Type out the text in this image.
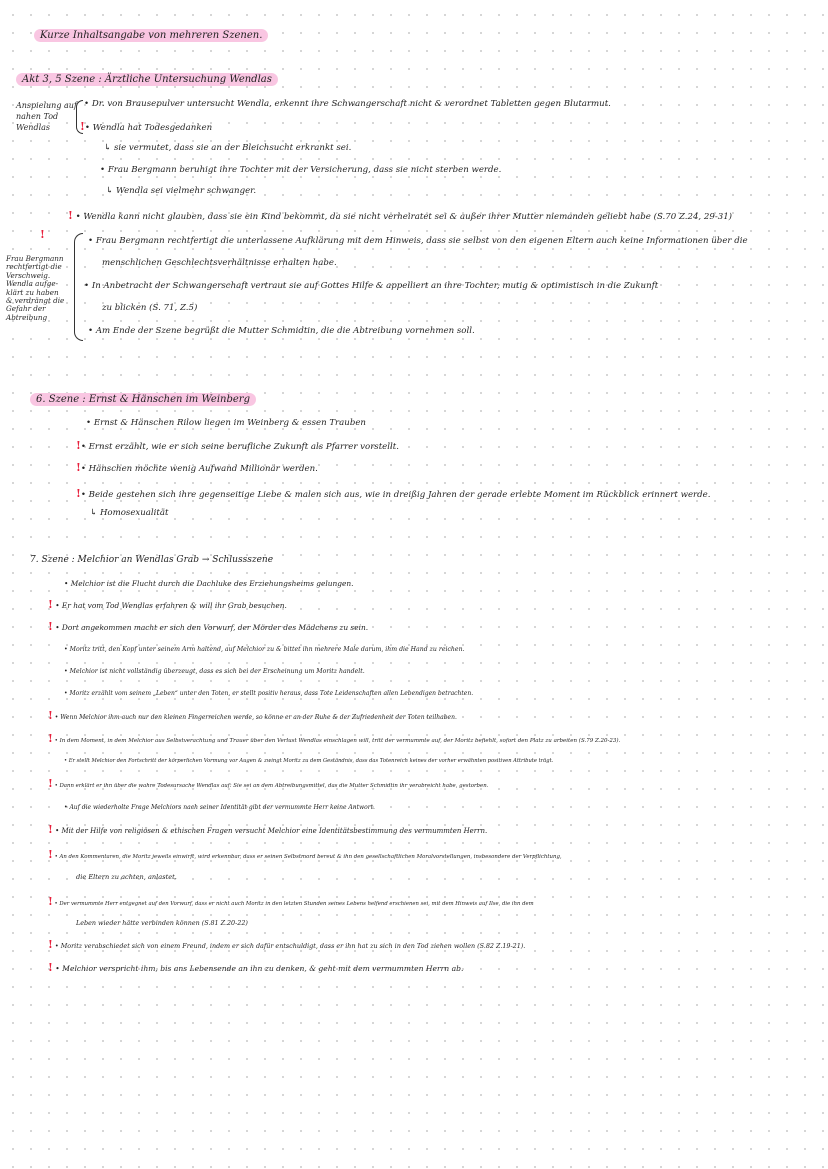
Kurze Inhaltsangabe von mehreren Szenen.
Akt 3, 5 Szene : Ärztliche Untersuchung Wendlas
Anspielung auf
nahen Tod
Wendlas
!
Frau Bergmann
rechtfertigt die
Verschweig.
Wendla aufge-
klärt zu haben
& verdrängt die
Gefahr der
Abtreibung
• Dr. von Brausepulver untersucht Wendla, erkennt ihre Schwangerschaft nicht & verordnet Tabletten gegen Blutarmut.
!• Wendla hat Todesgedanken
↳ sie vermutet, dass sie an der Bleichsucht erkrankt sei.
• Frau Bergmann beruhigt ihre Tochter mit der Versicherung, dass sie nicht sterben werde.
↳ Wendla sei vielmehr schwanger.
! • Wendla kann nicht glauben, dass sie ein Kind bekommt, da sie nicht verheiratet sei & außer ihrer Mutter niemanden geliebt habe (S.70 Z.24, 29-31)
• Frau Bergmann rechtfertigt die unterlassene Aufklärung mit dem Hinweis, dass sie selbst von den eigenen Eltern auch keine Informationen über die
menschlichen Geschlechtsverhältnisse erhalten habe.
• In Anbetracht der Schwangerschaft vertraut sie auf Gottes Hilfe & appelliert an ihre Tochter, mutig & optimistisch in die Zukunft
zu blicken (S. 71, Z.5)
• Am Ende der Szene begrüßt die Mutter Schmidtin, die die Abtreibung vornehmen soll.
6. Szene : Ernst & Hänschen im Weinberg
• Ernst & Hänschen Rilow liegen im Weinberg & essen Trauben
!• Ernst erzählt, wie er sich seine berufliche Zukunft als Pfarrer vorstellt.
!• Hänschen möchte wenig Aufwand Millionär werden.
!• Beide gestehen sich ihre gegenseitige Liebe & malen sich aus, wie in dreißig Jahren der gerade erlebte Moment im Rückblick erinnert werde.
↳ Homosexualität
7. Szene : Melchior an Wendlas Grab → Schlussszene
• Melchior ist die Flucht durch die Dachluke des Erziehungsheims gelungen.
! • Er hat vom Tod Wendlas erfahren & will ihr Grab besuchen.
! • Dort angekommen macht er sich den Vorwurf, der Mörder des Mädchens zu sein.
• Moritz tritt, den Kopf unter seinem Arm haltend, auf Melchior zu & bittet ihn mehrere Male darum, ihm die Hand zu reichen.
• Melchior ist nicht vollständig überzeugt, dass es sich bei der Erscheinung um Moritz handelt.
• Moritz erzählt vom seinem „Leben“ unter den Toten, er stellt positiv heraus, dass Tote Leidenschaften allen Lebendigen betrachten.
! • Wenn Melchior ihm auch nur den kleinen Fingerreichen werde, so könne er an der Ruhe & der Zufriedenheit der Toten teilhaben.
! • In dem Moment, in dem Melchior aus Selbstverachtung und Trauer über den Verlust Wendlas einschlagen will, tritt der vermummte auf, der Moritz befiehlt, sofort den Platz zu arbeiten (S.79 Z.20-23).
• Er stellt Melchior den Fortschritt der körperlichen Vormung vor Augen & zwingt Moritz zu dem Geständnis, dass das Totenreich keines der vorher erwähnten positiven Attribute trägt.
! • Dann erklärt er ihn über die wahre Todesursache Wendlas auf: Sie sei an dem Abtreibungsmittel, das die Mutter Schmidtin ihr verabreicht habe, gestorben.
• Auf die wiederholte Frage Melchiors nach seiner Identität gibt der vermummte Herr keine Antwort.
! • Mit der Hilfe von religiösen & ethischen Fragen versucht Melchior eine Identitätsbestimmung des vermummten Herrn.
! • An den Kommentaren, die Moritz jeweils einwirft, wird erkennbar, dass er seinen Selbstmord bereut & ihn den gesellschaftlichen Moralvorstellungen, insbesondere der Verpflichtung,
die Eltern zu achten, anlastet.
! • Der vermummte Herr entgegnet auf den Vorwurf, dass er nicht auch Moritz in den letzten Stunden seines Lebens helfend erschienen sei, mit dem Hinweis auf Ilse, die ihn dem
Leben wieder hätte verbinden können (S.81 Z.20-22)
! • Moritz verabschiedet sich von einem Freund, indem er sich dafür entschuldigt, dass er ihn hat zu sich in den Tod ziehen wollen (S.82 Z.19-21).
! • Melchior verspricht ihm, bis ans Lebensende an ihn zu denken, & geht mit dem vermummten Herrn ab.
